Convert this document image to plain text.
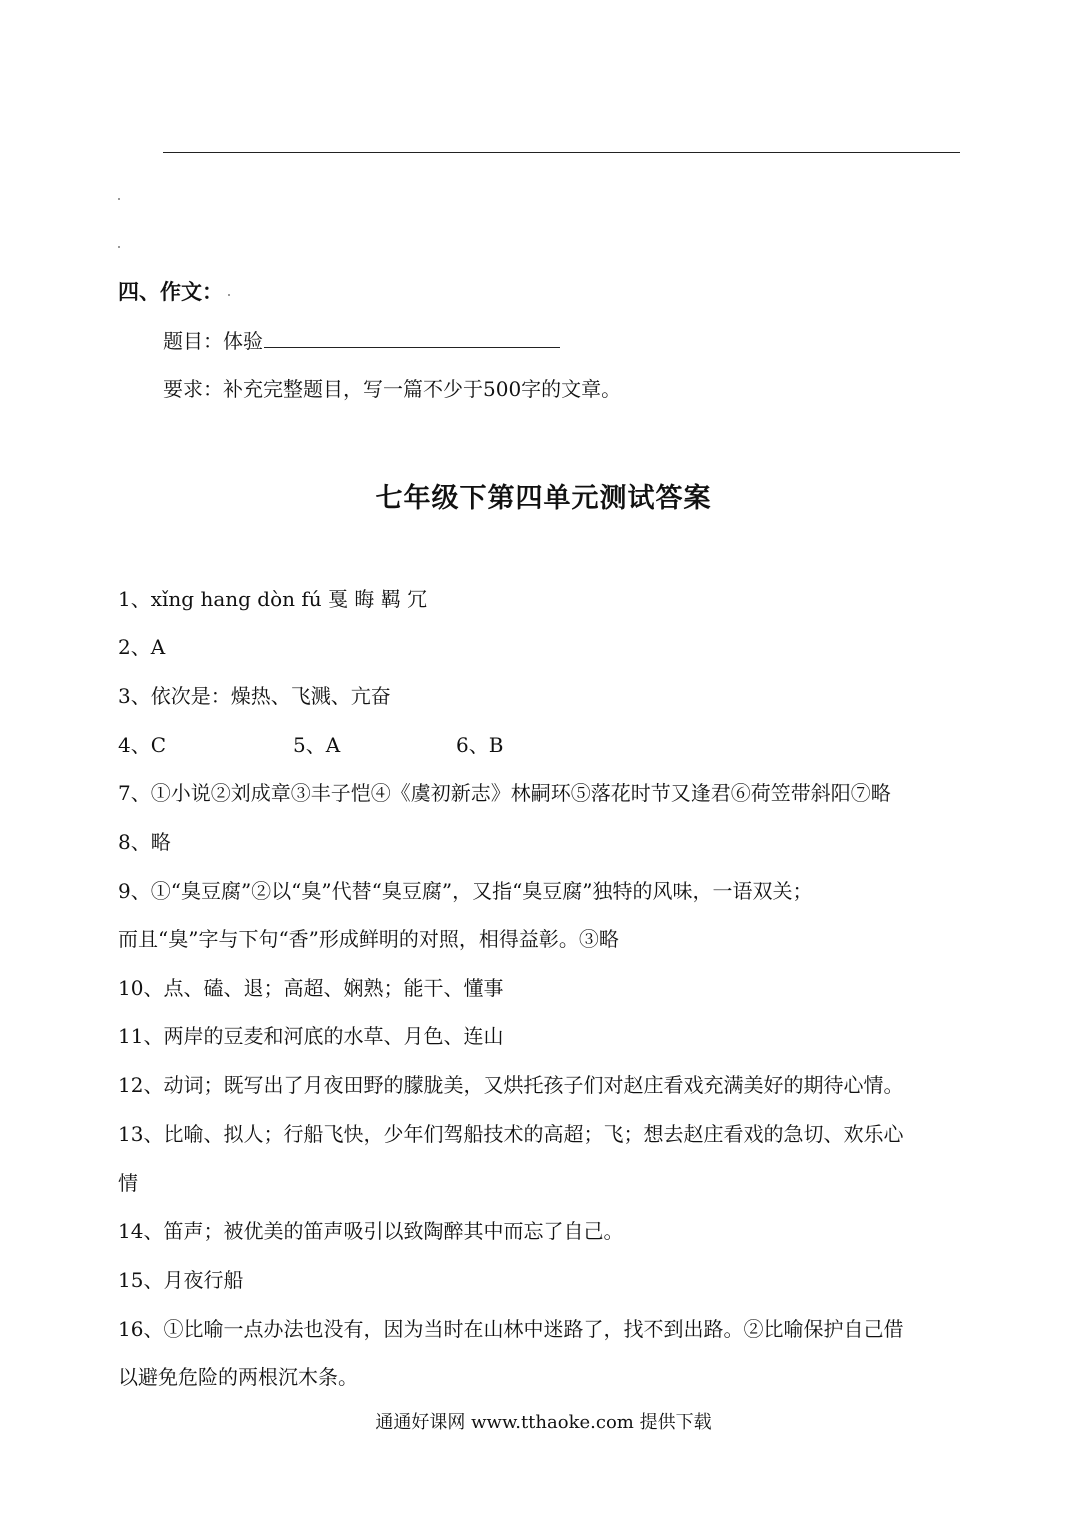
四、作文：
题目：体验
要求：补充完整题目，写一篇不少于500字的文章。
七年级下第四单元测试答案
1、xǐng hang dòn fú 戛 晦 羁 冗
2、A
3、依次是：燥热、飞溅、亢奋
4、C	5、A	6、B
7、①小说②刘成章③丰子恺④《虞初新志》林嗣环⑤落花时节又逢君⑥荷笠带斜阳⑦略
8、略
9、①“臭豆腐”②以“臭”代替“臭豆腐”，又指“臭豆腐”独特的风味，一语双关；
而且“臭”字与下句“香”形成鲜明的对照，相得益彰。③略
10、点、磕、退；高超、娴熟；能干、懂事
11、两岸的豆麦和河底的水草、月色、连山
12、动词；既写出了月夜田野的朦胧美，又烘托孩子们对赵庄看戏充满美好的期待心情。
13、比喻、拟人；行船飞快，少年们驾船技术的高超；飞；想去赵庄看戏的急切、欢乐心
情
14、笛声；被优美的笛声吸引以致陶醉其中而忘了自己。
15、月夜行船
16、①比喻一点办法也没有，因为当时在山林中迷路了，找不到出路。②比喻保护自己借
以避免危险的两根沉木条。
通通好课网 www.tthaoke.com 提供下载
